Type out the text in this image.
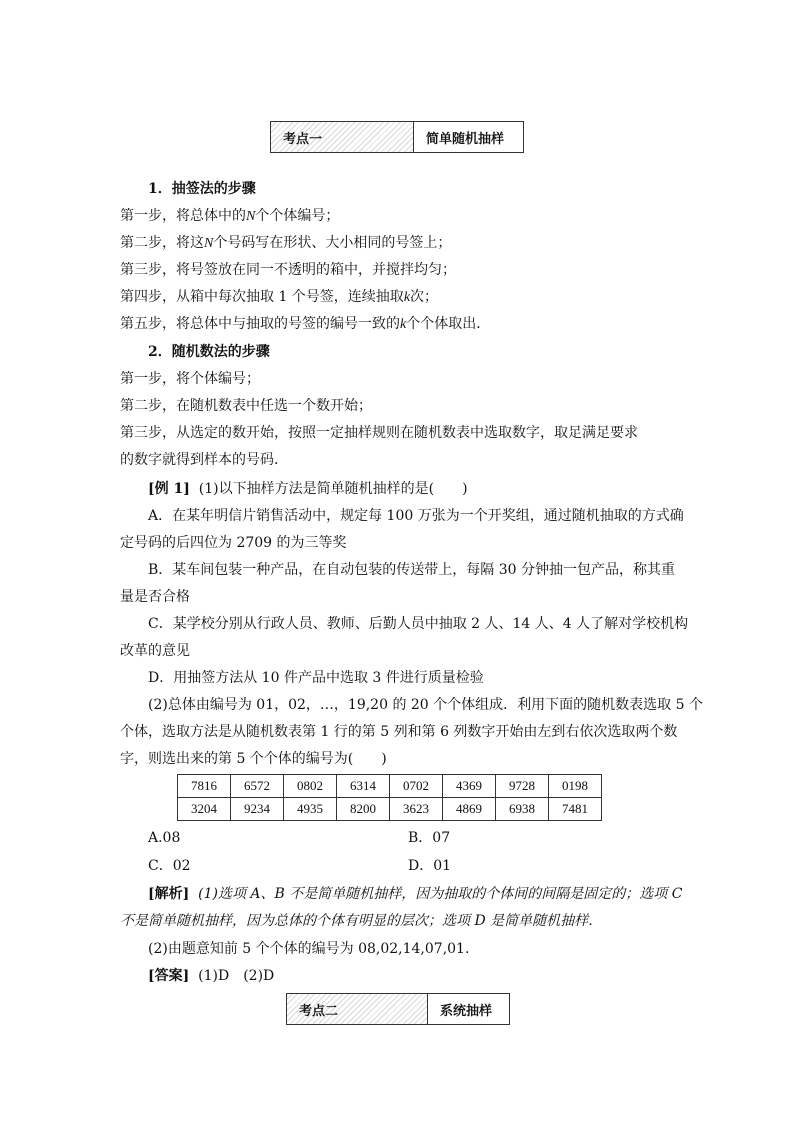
考点一	简单随机抽样
1．抽签法的步骤
第一步，将总体中的N个个体编号；
第二步，将这N个号码写在形状、大小相同的号签上；
第三步，将号签放在同一不透明的箱中，并搅拌均匀；
第四步，从箱中每次抽取 1 个号签，连续抽取k次；
第五步，将总体中与抽取的号签的编号一致的k个个体取出．
2．随机数法的步骤
第一步，将个体编号；
第二步，在随机数表中任选一个数开始；
第三步，从选定的数开始，按照一定抽样规则在随机数表中选取数字，取足满足要求
的数字就得到样本的号码．
[例 1] (1)以下抽样方法是简单随机抽样的是(　　)
A．在某年明信片销售活动中，规定每 100 万张为一个开奖组，通过随机抽取的方式确
定号码的后四位为 2709 的为三等奖
B．某车间包装一种产品，在自动包装的传送带上，每隔 30 分钟抽一包产品，称其重
量是否合格
C．某学校分别从行政人员、教师、后勤人员中抽取 2 人、14 人、4 人了解对学校机构
改革的意见
D．用抽签方法从 10 件产品中选取 3 件进行质量检验
(2)总体由编号为 01，02，…，19,20 的 20 个个体组成．利用下面的随机数表选取 5 个
个体，选取方法是从随机数表第 1 行的第 5 列和第 6 列数字开始由左到右依次选取两个数
字，则选出来的第 5 个个体的编号为(　　)
7816	6572	0802	6314	0702	4369	9728	0198
3204	9234	4935	8200	3623	4869	6938	7481
A.08	B．07
C．02	D．01
[解析] (1)选项 A、B 不是简单随机抽样，因为抽取的个体间的间隔是固定的；选项 C
不是简单随机抽样，因为总体的个体有明显的层次；选项 D 是简单随机抽样．
(2)由题意知前 5 个个体的编号为 08,02,14,07,01.
[答案] (1)D　(2)D
考点二	系统抽样
